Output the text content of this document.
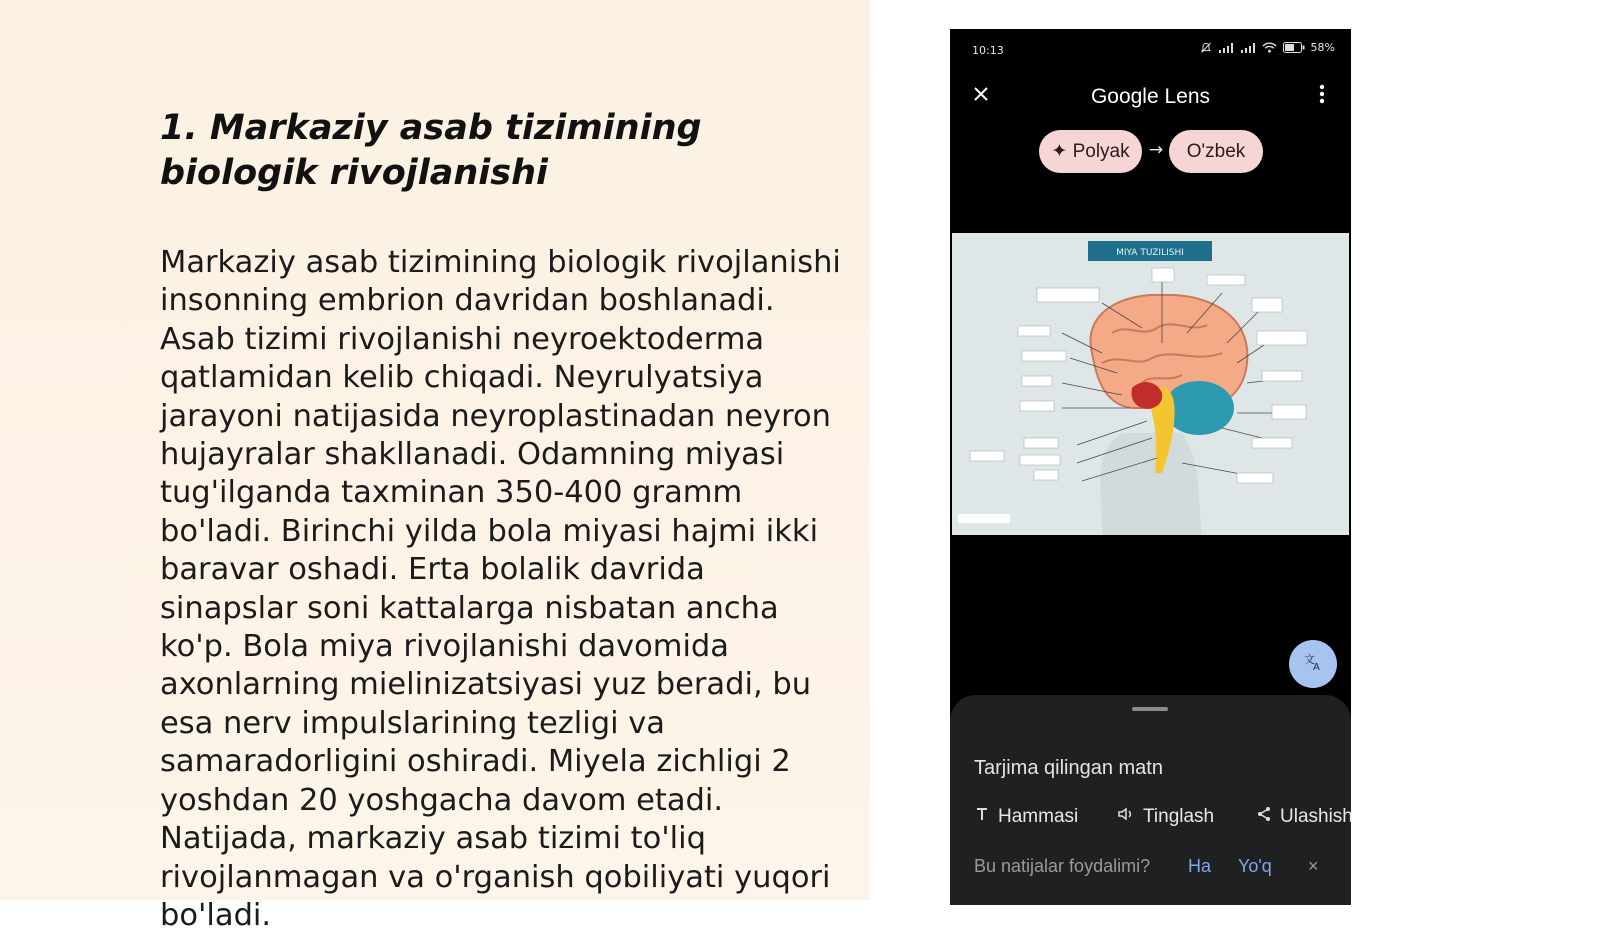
1. Markaziy asab tizimining biologik rivojlanishi
Markaziy asab tizimining biologik rivojlanishi insonning embrion davridan boshlanadi. Asab tizimi rivojlanishi neyroektoderma qatlamidan kelib chiqadi. Neyrulyatsiya jarayoni natijasida neyroplastinadan neyron hujayralar shakllanadi. Odamning miyasi tug'ilganda taxminan 350-400 gramm bo'ladi. Birinchi yilda bola miyasi hajmi ikki baravar oshadi. Erta bolalik davrida sinapslar soni kattalarga nisbatan ancha ko'p. Bola miya rivojlanishi davomida axonlarning mielinizatsiyasi yuz beradi, bu esa nerv impulslarining tezligi va samaradorligini oshiradi. Miyela zichligi 2 yoshdan 20 yoshgacha davom etadi. Natijada, markaziy asab tizimi to'liq rivojlanmagan va o'rganish qobiliyati yuqori bo'ladi.
10:13	58%
Google Lens
✦ Polyak	→	O'zbek
MIYA TUZILISHI
文
A
Tarjima qilingan matn
Hammasi	Tinglash	Ulashish
Bu natijalar foydalimi? Ha Yo'q ×
